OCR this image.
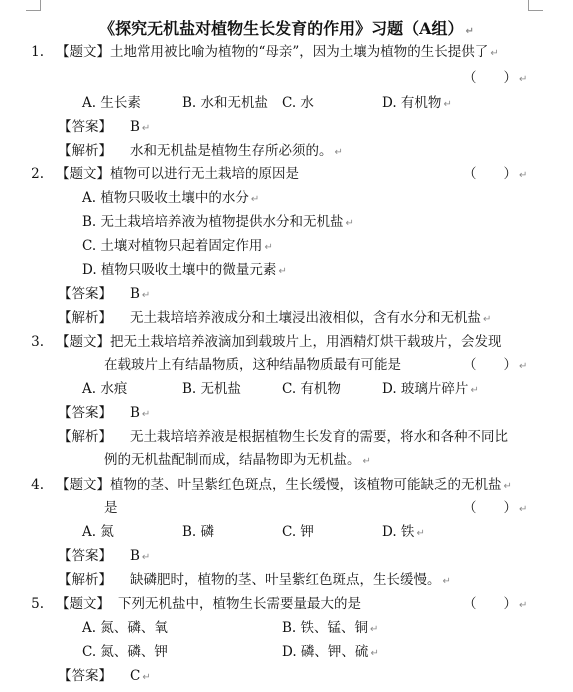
《探究无机盐对植物生长发育的作用》习题（A组） ↵
1. 【题文】土地常用被比喻为植物的“母亲”，因为土壤为植物的生长提供了 ↵
（　　） ↵
A. 生长素	B. 水和无机盐 C. 水	D. 有机物 ↵
【答案】 B ↵
【解析】 水和无机盐是植物生存所必须的。 ↵
2. 【题文】植物可以进行无土栽培的原因是	（　　） ↵
A. 植物只吸收土壤中的水分 ↵
B. 无土栽培培养液为植物提供水分和无机盐 ↵
C. 土壤对植物只起着固定作用 ↵
D. 植物只吸收土壤中的微量元素 ↵
【答案】 B ↵
【解析】 无土栽培培养液成分和土壤浸出液相似，含有水分和无机盐 ↵
3. 【题文】把无土栽培培养液滴加到载玻片上，用酒精灯烘干载玻片，会发现
在载玻片上有结晶物质，这种结晶物质最有可能是	（　　） ↵
A. 水痕	B. 无机盐	C. 有机物	D. 玻璃片碎片 ↵
【答案】 B ↵
【解析】 无土栽培培养液是根据植物生长发育的需要，将水和各种不同比
例的无机盐配制而成，结晶物即为无机盐。 ↵
4. 【题文】植物的茎、叶呈紫红色斑点，生长缓慢，该植物可能缺乏的无机盐 ↵
是	（　　） ↵
A. 氮	B. 磷	C. 钾	D. 铁 ↵
【答案】 B ↵
【解析】 缺磷肥时，植物的茎、叶呈紫红色斑点，生长缓慢。 ↵
5. 【题文】 下列无机盐中，植物生长需要量最大的是	（　　） ↵
A. 氮、磷、氧	B. 铁、锰、铜 ↵
C. 氮、磷、钾	D. 磷、钾、硫 ↵
【答案】 C ↵
